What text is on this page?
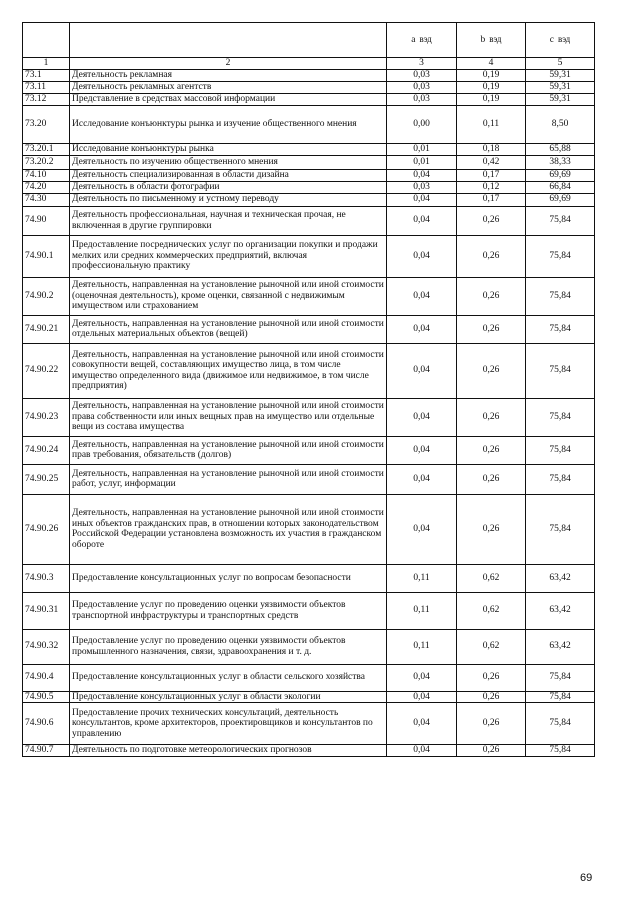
		a вэд	b вэд	c вэд
1	2	3	4	5
73.1	Деятельность рекламная	0,03	0,19	59,31
73.11	Деятельность рекламных агентств	0,03	0,19	59,31
73.12	Представление в средствах массовой информации	0,03	0,19	59,31
73.20	Исследование конъюнктуры рынка и изучение общественного мнения	0,00	0,11	8,50
73.20.1	Исследование конъюнктуры рынка	0,01	0,18	65,88
73.20.2	Деятельность по изучению общественного мнения	0,01	0,42	38,33
74.10	Деятельность специализированная в области дизайна	0,04	0,17	69,69
74.20	Деятельность в области фотографии	0,03	0,12	66,84
74.30	Деятельность по письменному и устному переводу	0,04	0,17	69,69
74.90	Деятельность профессиональная, научная и техническая прочая, не включенная в другие группировки	0,04	0,26	75,84
74.90.1	Предоставление посреднических услуг по организации покупки и продажи мелких или средних коммерческих предприятий, включая профессиональную практику	0,04	0,26	75,84
74.90.2	Деятельность, направленная на установление рыночной или иной стоимости (оценочная деятельность), кроме оценки, связанной с недвижимым имуществом или страхованием	0,04	0,26	75,84
74.90.21	Деятельность, направленная на установление рыночной или иной стоимости отдельных материальных объектов (вещей)	0,04	0,26	75,84
74.90.22	Деятельность, направленная на установление рыночной или иной стоимости совокупности вещей, составляющих имущество лица, в том числе имущество определенного вида (движимое или недвижимое, в том числе предприятия)	0,04	0,26	75,84
74.90.23	Деятельность, направленная на установление рыночной или иной стоимости права собственности или иных вещных прав на имущество или отдельные вещи из состава имущества	0,04	0,26	75,84
74.90.24	Деятельность, направленная на установление рыночной или иной стоимости прав требования, обязательств (долгов)	0,04	0,26	75,84
74.90.25	Деятельность, направленная на установление рыночной или иной стоимости работ, услуг, информации	0,04	0,26	75,84
74.90.26	Деятельность, направленная на установление рыночной или иной стоимости иных объектов гражданских прав, в отношении которых законодательством Российской Федерации установлена возможность их участия в гражданском обороте	0,04	0,26	75,84
74.90.3	Предоставление консультационных услуг по вопросам безопасности	0,11	0,62	63,42
74.90.31	Предоставление услуг по проведению оценки уязвимости объектов транспортной инфраструктуры и транспортных средств	0,11	0,62	63,42
74.90.32	Предоставление услуг по проведению оценки уязвимости объектов промышленного назначения, связи, здравоохранения и т. д.	0,11	0,62	63,42
74.90.4	Предоставление консультационных услуг в области сельского хозяйства	0,04	0,26	75,84
74.90.5	Предоставление консультационных услуг в области экологии	0,04	0,26	75,84
74.90.6	Предоставление прочих технических консультаций, деятельность консультантов, кроме архитекторов, проектировщиков и консультантов по управлению	0,04	0,26	75,84
74.90.7	Деятельность по подготовке метеорологических прогнозов	0,04	0,26	75,84
69
